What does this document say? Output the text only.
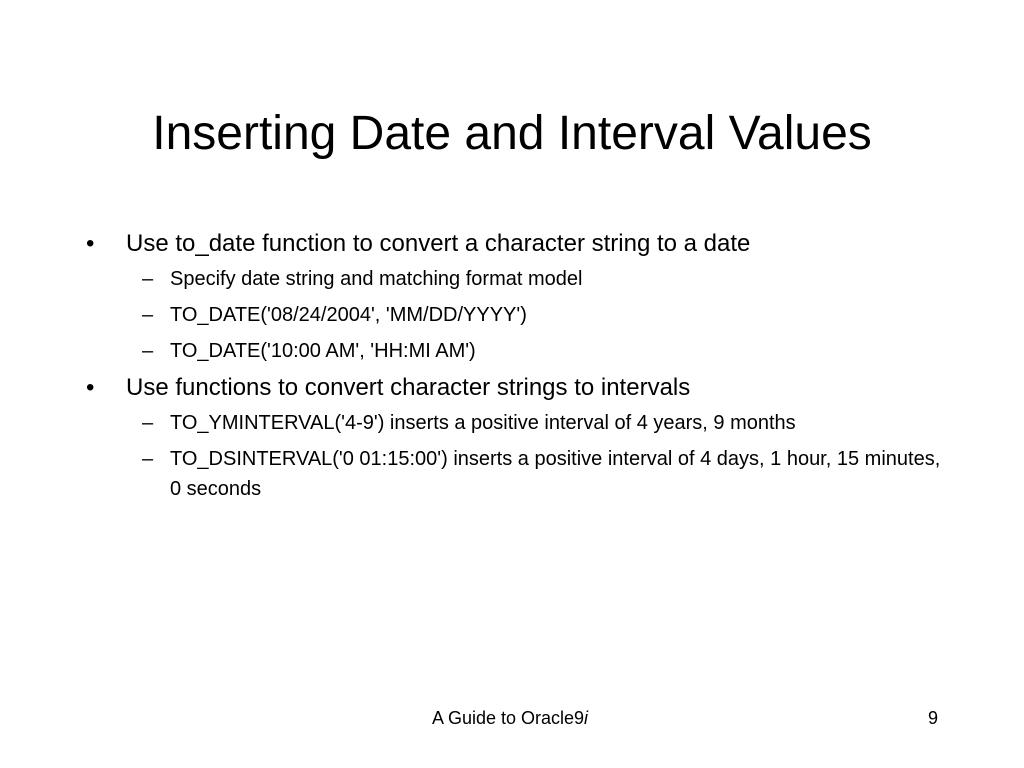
Inserting Date and Interval Values
• Use to_date function to convert a character string to a date
– Specify date string and matching format model
– TO_DATE('08/24/2004', 'MM/DD/YYYY')
– TO_DATE('10:00 AM', 'HH:MI AM')
• Use functions to convert character strings to intervals
– TO_YMINTERVAL('4-9') inserts a positive interval of 4 years, 9 months
– TO_DSINTERVAL('0 01:15:00') inserts a positive interval of 4 days, 1 hour, 15 minutes, 0 seconds
A Guide to Oracle9i	9
